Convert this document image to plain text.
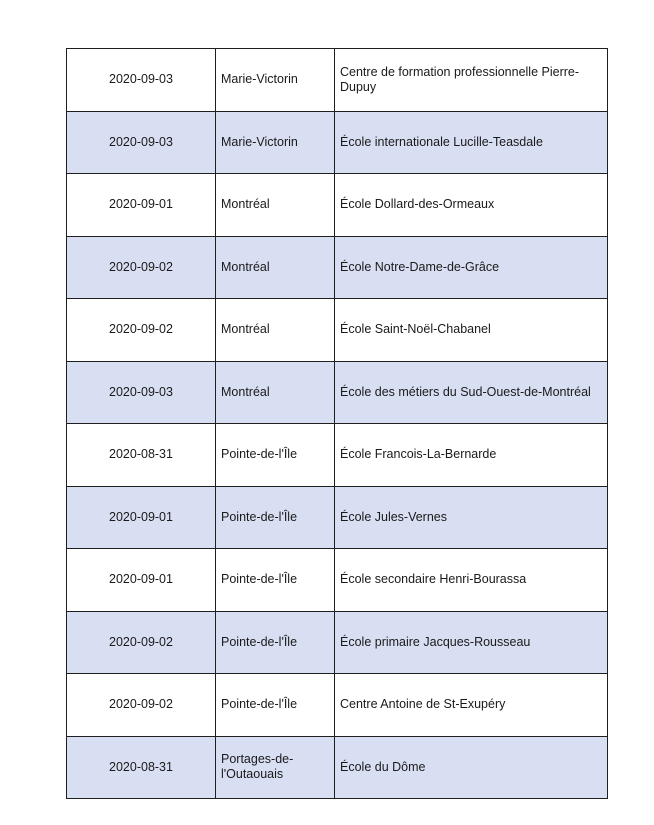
2020-09-03	Marie-Victorin	Centre de formation professionnelle Pierre-Dupuy
2020-09-03	Marie-Victorin	École internationale Lucille-Teasdale
2020-09-01	Montréal	École Dollard-des-Ormeaux
2020-09-02	Montréal	École Notre-Dame-de-Grâce
2020-09-02	Montréal	École Saint-Noël-Chabanel
2020-09-03	Montréal	École des métiers du Sud-Ouest-de-Montréal
2020-08-31	Pointe-de-l'Île	École Francois-La-Bernarde
2020-09-01	Pointe-de-l'Île	École Jules-Vernes
2020-09-01	Pointe-de-l'Île	École secondaire Henri-Bourassa
2020-09-02	Pointe-de-l'Île	École primaire Jacques-Rousseau
2020-09-02	Pointe-de-l'Île	Centre Antoine de St-Exupéry
2020-08-31	Portages-de-l'Outaouais	École du Dôme
